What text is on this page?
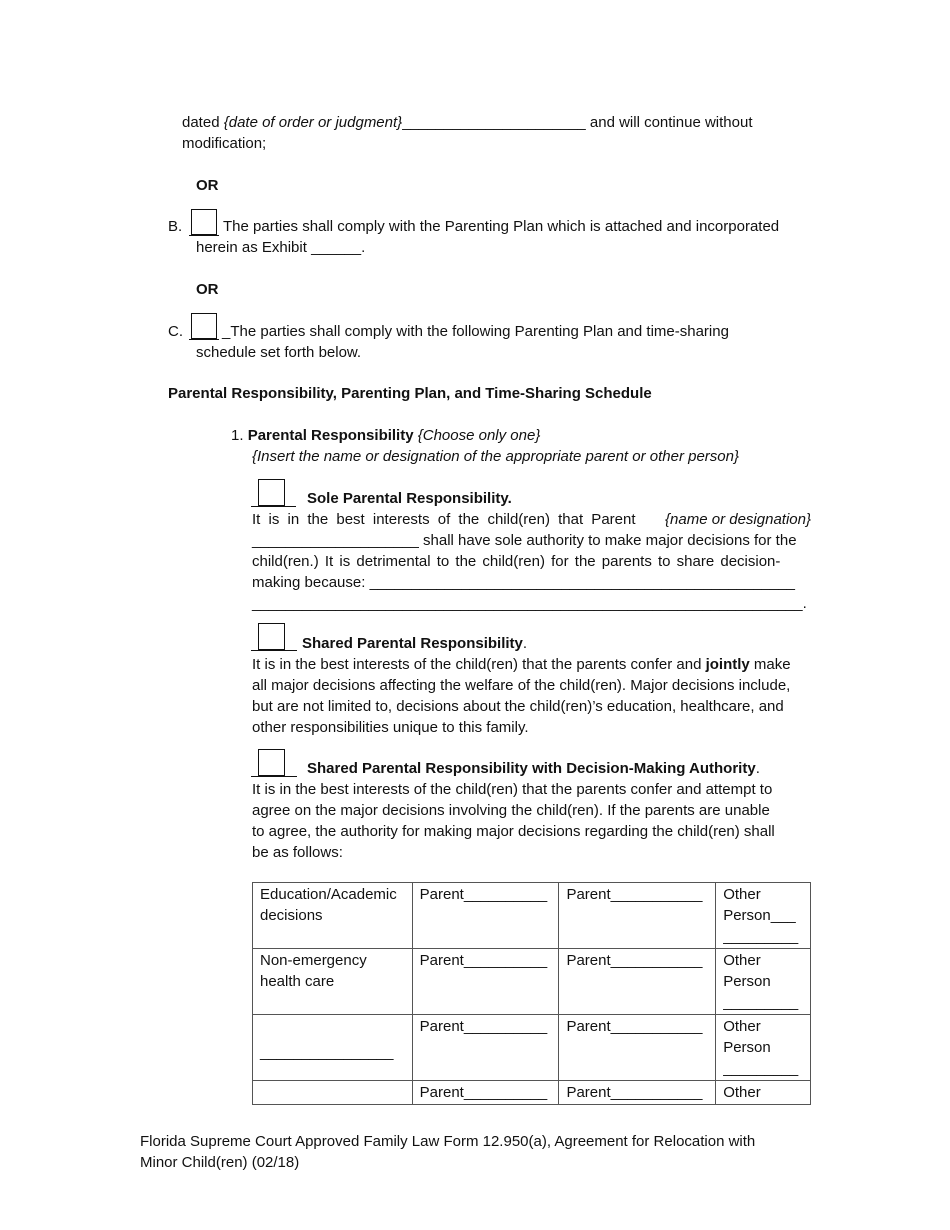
dated {date of order or judgment}______________________ and will continue without
modification;
OR
B.	The parties shall comply with the Parenting Plan which is attached and incorporated
herein as Exhibit ______.
OR
C.	_The parties shall comply with the following Parenting Plan and time-sharing
schedule set forth below.
Parental Responsibility, Parenting Plan, and Time-Sharing Schedule
1. Parental Responsibility {Choose only one}
{Insert the name or designation of the appropriate parent or other person}
Sole Parental Responsibility.
It is in the best interests of the child(ren) that Parent {name or designation}
____________________ shall have sole authority to make major decisions for the
child(ren.) It is detrimental to the child(ren) for the parents to share decision-
making because: ___________________________________________________
__________________________________________________________________.
Shared Parental Responsibility.
It is in the best interests of the child(ren) that the parents confer and jointly make
all major decisions affecting the welfare of the child(ren). Major decisions include,
but are not limited to, decisions about the child(ren)’s education, healthcare, and
other responsibilities unique to this family.
Shared Parental Responsibility with Decision-Making Authority.
It is in the best interests of the child(ren) that the parents confer and attempt to
agree on the major decisions involving the child(ren). If the parents are unable
to agree, the authority for making major decisions regarding the child(ren) shall
be as follows:
Education/Academic decisions	Parent__________	Parent___________	Other Person___ _________
Non-emergency health care	Parent__________	Parent___________	Other Person _________
________________	Parent__________	Parent___________	Other Person _________
	Parent__________	Parent___________	Other
Florida Supreme Court Approved Family Law Form 12.950(a), Agreement for Relocation with
Minor Child(ren) (02/18)
